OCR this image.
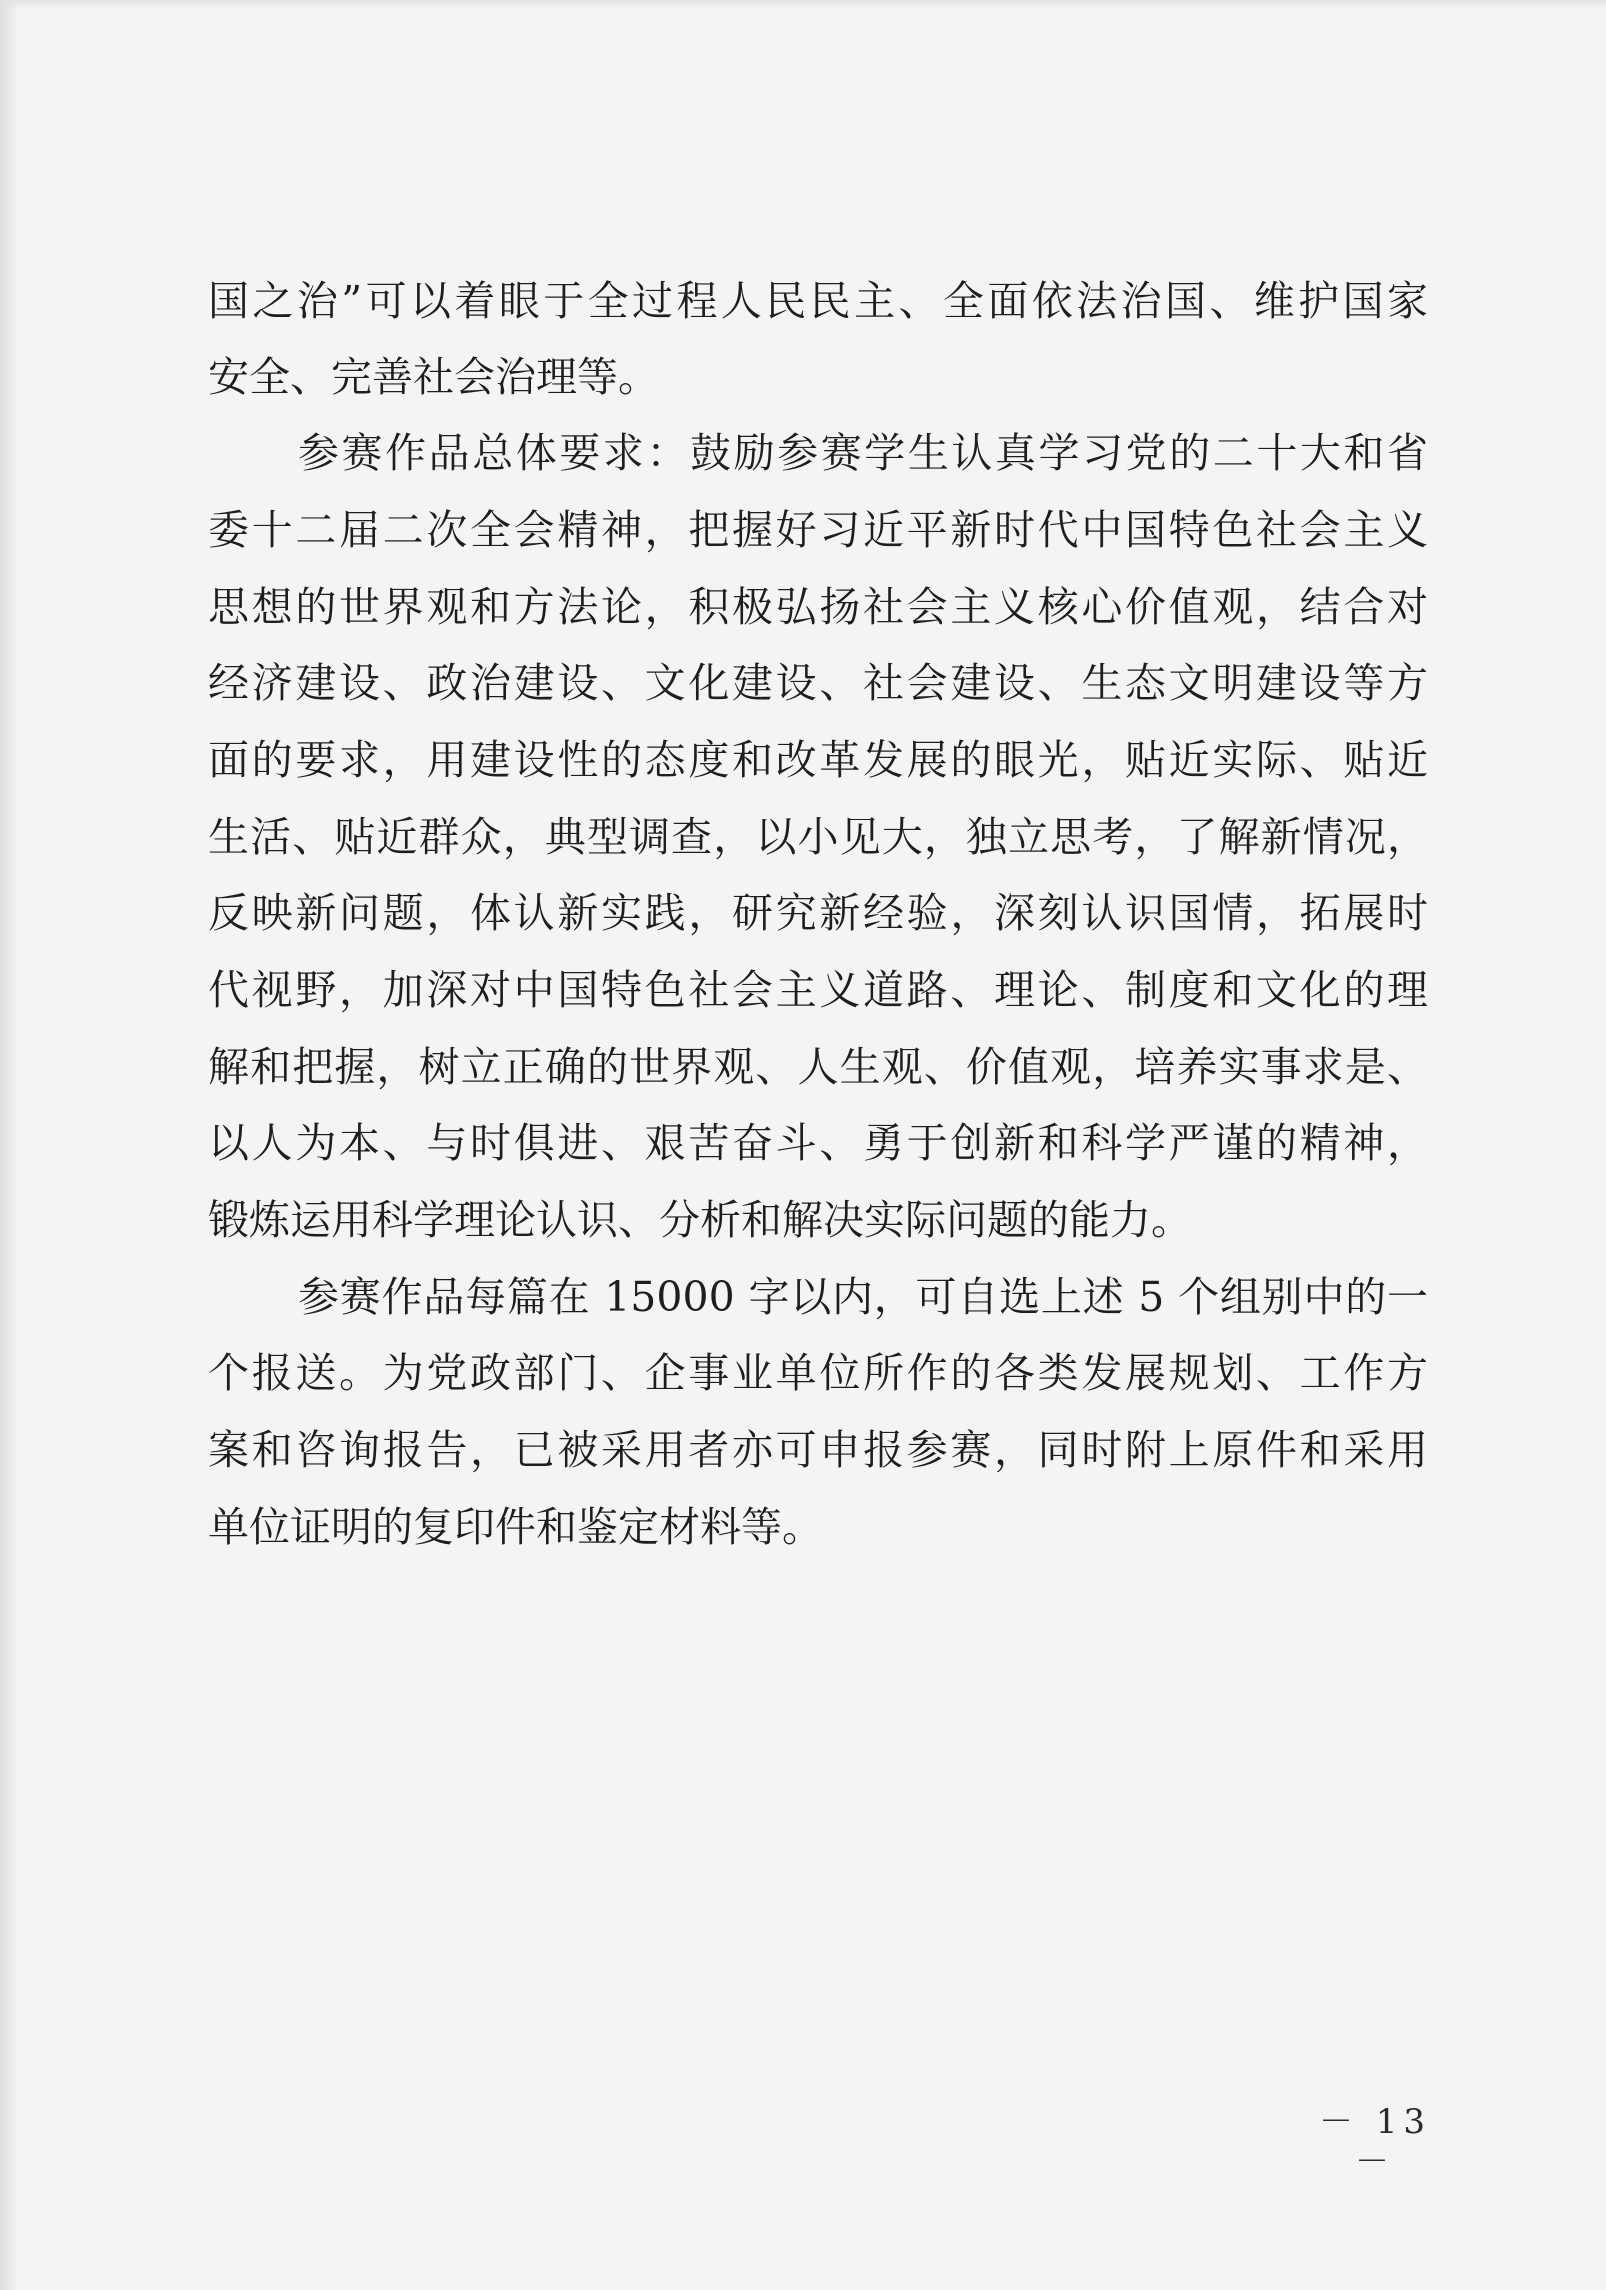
国之治”可以着眼于全过程人民民主、全面依法治国、维护国家

安全、完善社会治理等。

参赛作品总体要求：鼓励参赛学生认真学习党的二十大和省

委十二届二次全会精神，把握好习近平新时代中国特色社会主义

思想的世界观和方法论，积极弘扬社会主义核心价值观，结合对

经济建设、政治建设、文化建设、社会建设、生态文明建设等方

面的要求，用建设性的态度和改革发展的眼光，贴近实际、贴近

生活、贴近群众，典型调查，以小见大，独立思考，了解新情况，

反映新问题，体认新实践，研究新经验，深刻认识国情，拓展时

代视野，加深对中国特色社会主义道路、理论、制度和文化的理

解和把握，树立正确的世界观、人生观、价值观，培养实事求是、

以人为本、与时俱进、艰苦奋斗、勇于创新和科学严谨的精神，

锻炼运用科学理论认识、分析和解决实际问题的能力。

参赛作品每篇在 15000 字以内，可自选上述 5 个组别中的一

个报送。为党政部门、企事业单位所作的各类发展规划、工作方

案和咨询报告，已被采用者亦可申报参赛，同时附上原件和采用

单位证明的复印件和鉴定材料等。

－ 13 －
